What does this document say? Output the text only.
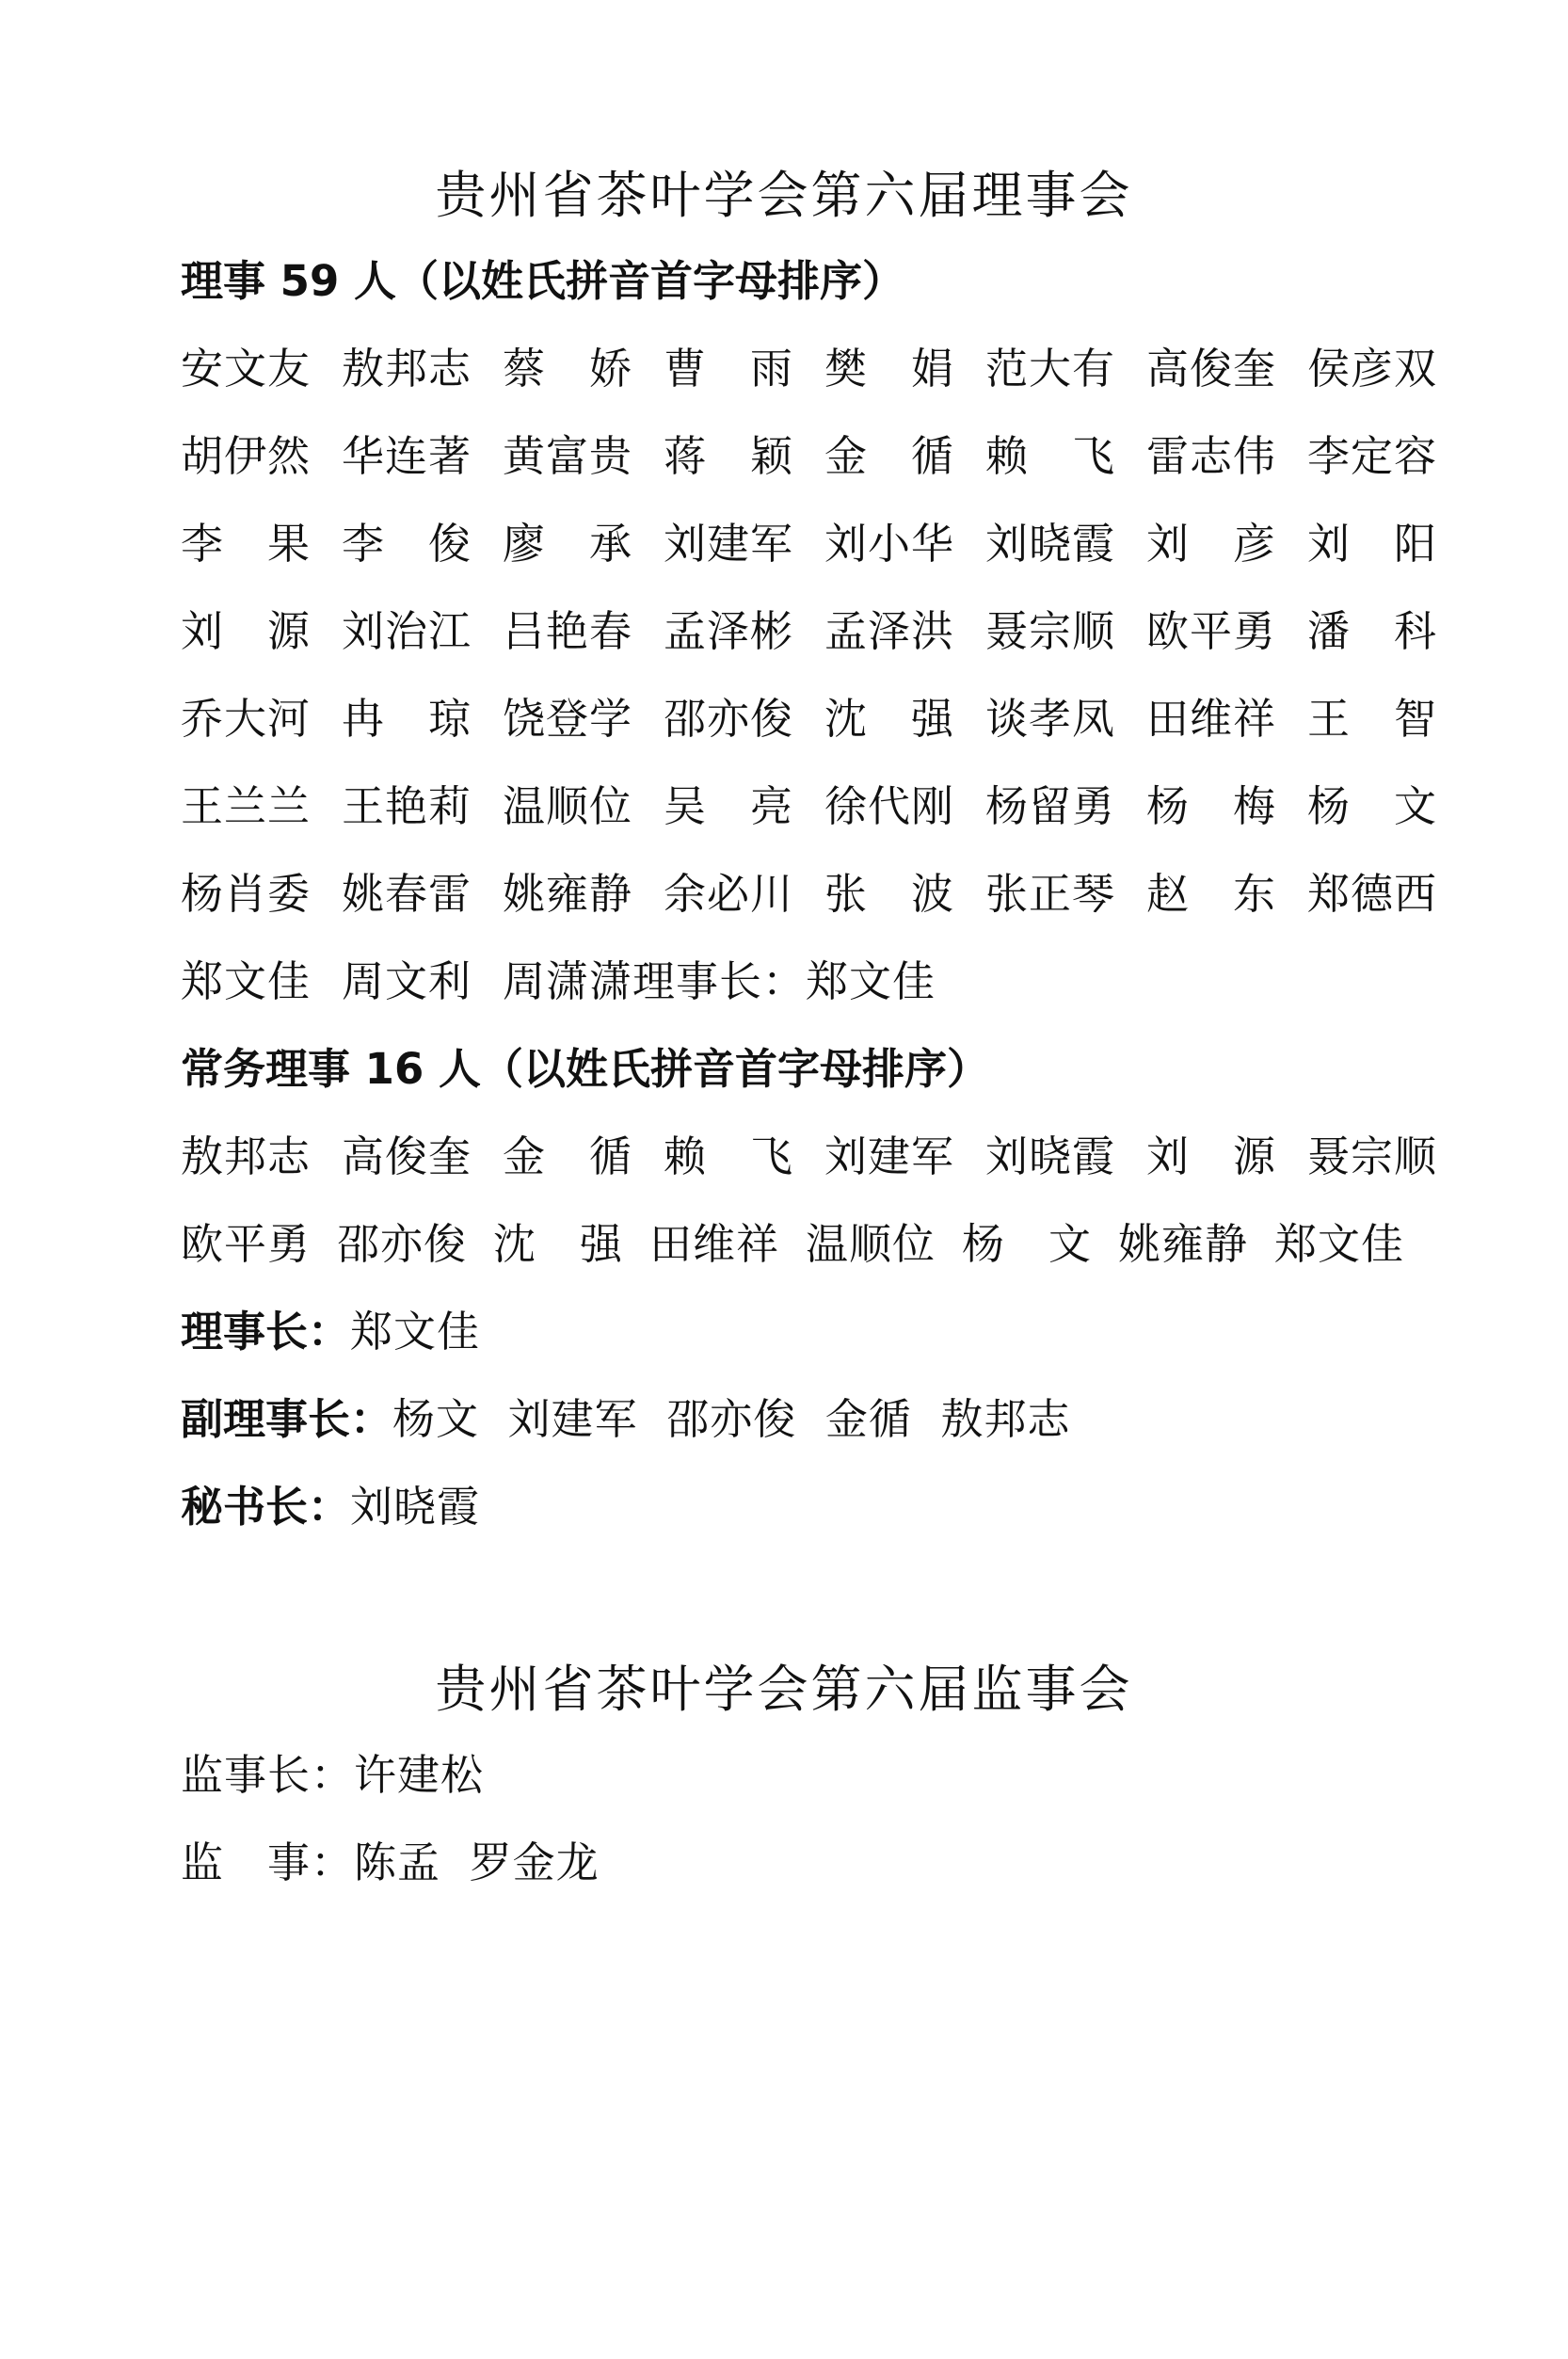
贵州省茶叶学会第六届理事会
理事 59 人（以姓氏拼音首字母排序）
安文友 敖邦志 蔡　娇 曹　雨 樊　娟 范大有 高俊奎 侯彦双
胡伊然 华连著 黄富贵 蒋　颖 金　循 赖　飞 雷志伟 李定容
李　果 李　俊 廖　承 刘建军 刘小华 刘晓霞 刘　彦 刘　阳
刘　源 刘治江 吕艳春 孟泽彬 孟泽洪 聂宗顺 欧平勇 潘　科
乔大河 冉　琼 饶登学 邵亦俊 沈　强 谈孝凤 田维祥 王　智
王兰兰 王艳莉 温顺位 吴　亮 徐代刚 杨留勇 杨　梅 杨　文
杨肖委 姚春雷 姚雍静 余必川 张　波 张正琴 赵　东 郑德西
郑文佳 周文利 周潇潇理事长：郑文佳
常务理事 16 人（以姓氏拼音首字母排序）
敖邦志 高俊奎 金　循 赖　飞 刘建军 刘晓霞 刘　源 聂宗顺
欧平勇 邵亦俊 沈　强 田维祥 温顺位 杨　文 姚雍静 郑文佳
理事长：郑文佳
副理事长：杨文  刘建军  邵亦俊  金循  敖邦志
秘书长：刘晓霞
贵州省茶叶学会第六届监事会
监事长：许建松
监　事：陈孟  罗金龙
